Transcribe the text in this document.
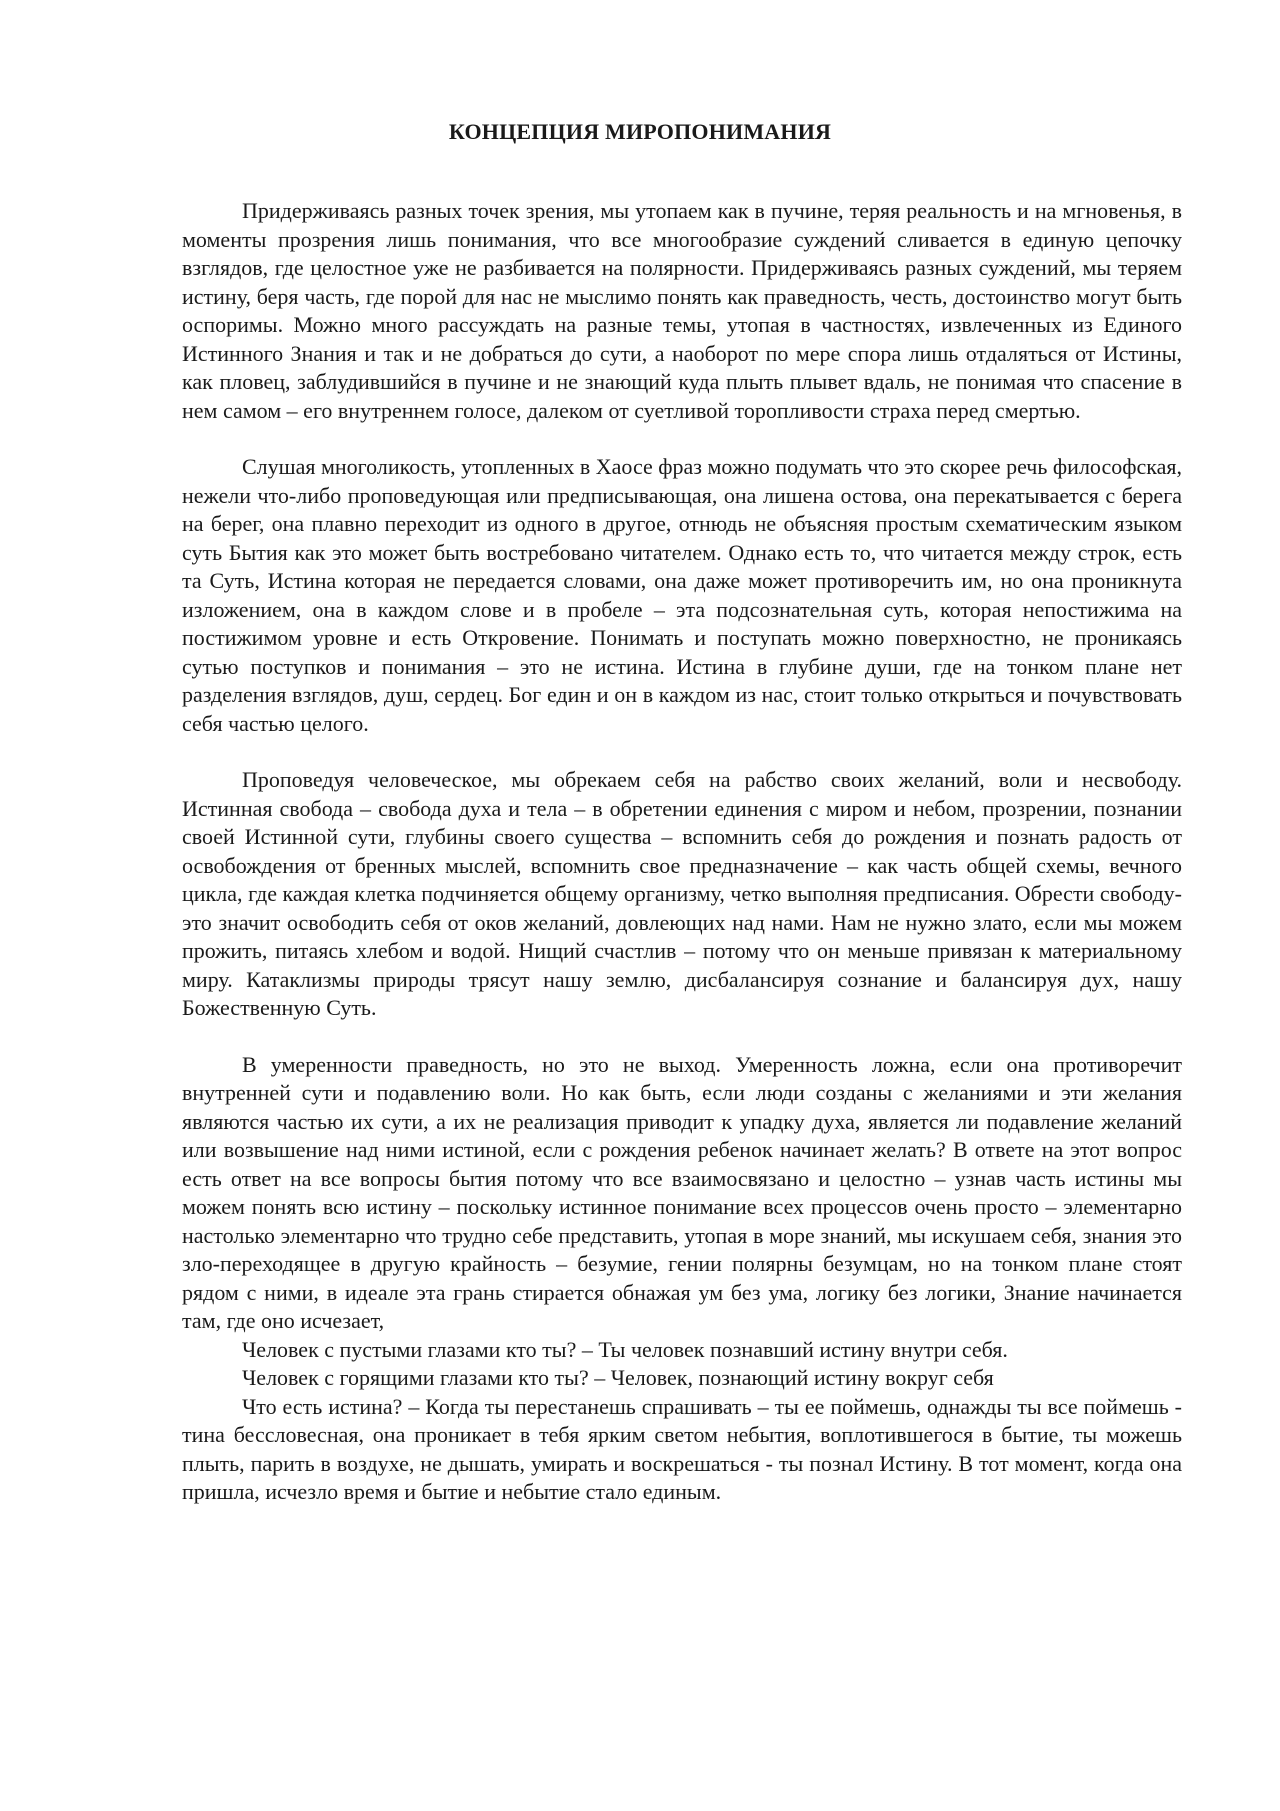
КОНЦЕПЦИЯ МИРОПОНИМАНИЯ

Придерживаясь разных точек зрения, мы утопаем как в пучине, теряя реальность и на мгновенья, в моменты прозрения лишь понимания, что все многообразие суждений сливается в единую цепочку взглядов, где целостное уже не разбивается на полярности. Придерживаясь разных суждений, мы теряем истину, беря часть, где порой для нас не мыслимо понять как праведность, честь, достоинство могут быть оспоримы. Можно много рассуждать на разные темы, утопая в частностях, извлеченных из Единого Истинного Знания и так и не добраться до сути, а наоборот по мере спора лишь отдаляться от Истины, как пловец, заблудившийся в пучине и не знающий куда плыть плывет вдаль, не понимая что спасение в нем самом – его внутреннем голосе, далеком от суетливой торопливости страха перед смертью.

Слушая многоликость, утопленных в Хаосе фраз можно подумать что это скорее речь философская, нежели что-либо проповедующая или предписывающая, она лишена остова, она перекатывается с берега на берег, она плавно переходит из одного в другое, отнюдь не объясняя простым схематическим языком суть Бытия как это может быть востребовано читателем. Однако есть то, что читается между строк, есть та Суть, Истина которая не передается словами, она даже может противоречить им, но она проникнута изложением, она в каждом слове и в пробеле – эта подсознательная суть, которая непостижима на постижимом уровне и есть Откровение. Понимать и поступать можно поверхностно, не проникаясь сутью поступков и понимания – это не истина. Истина в глубине души, где на тонком плане нет разделения взглядов, душ, сердец. Бог един и он в каждом из нас, стоит только открыться и почувствовать себя частью целого.

Проповедуя человеческое, мы обрекаем себя на рабство своих желаний, воли и несвободу. Истинная свобода – свобода духа и тела – в обретении единения с миром и небом, прозрении, познании своей Истинной сути, глубины своего существа – вспомнить себя до рождения и познать радость от освобождения от бренных мыслей, вспомнить свое предназначение – как часть общей схемы, вечного цикла, где каждая клетка подчиняется общему организму, четко выполняя предписания. Обрести свободу-это значит освободить себя от оков желаний, довлеющих над нами. Нам не нужно злато, если мы можем прожить, питаясь хлебом и водой. Нищий счастлив – потому что он меньше привязан к материальному миру. Катаклизмы природы трясут нашу землю, дисбалансируя сознание и балансируя дух, нашу Божественную Суть.

В умеренности праведность, но это не выход. Умеренность ложна, если она противоречит внутренней сути и подавлению воли. Но как быть, если люди созданы с желаниями и эти желания являются частью их сути, а их не реализация приводит к упадку духа, является ли подавление желаний или возвышение над ними истиной, если с рождения ребенок начинает желать? В ответе на этот вопрос есть ответ на все вопросы бытия потому что все взаимосвязано и целостно – узнав часть истины мы можем понять всю истину – поскольку истинное понимание всех процессов очень просто – элементарно настолько элементарно что трудно себе представить, утопая в море знаний, мы искушаем себя, знания это зло-переходящее в другую крайность – безумие, гении полярны безумцам, но на тонком плане стоят рядом с ними, в идеале эта грань стирается обнажая ум без ума, логику без логики, Знание начинается там, где оно исчезает,

Человек с пустыми глазами кто ты? – Ты человек познавший истину внутри себя.

Человек с горящими глазами кто ты? – Человек, познающий истину вокруг себя

Что есть истина? – Когда ты перестанешь спрашивать – ты ее поймешь, однажды ты все поймешь - тина бессловесная, она проникает в тебя ярким светом небытия, воплотившегося в бытие, ты можешь плыть, парить в воздухе, не дышать, умирать и воскрешаться - ты познал Истину. В тот момент, когда она пришла, исчезло время и бытие и небытие стало единым.
